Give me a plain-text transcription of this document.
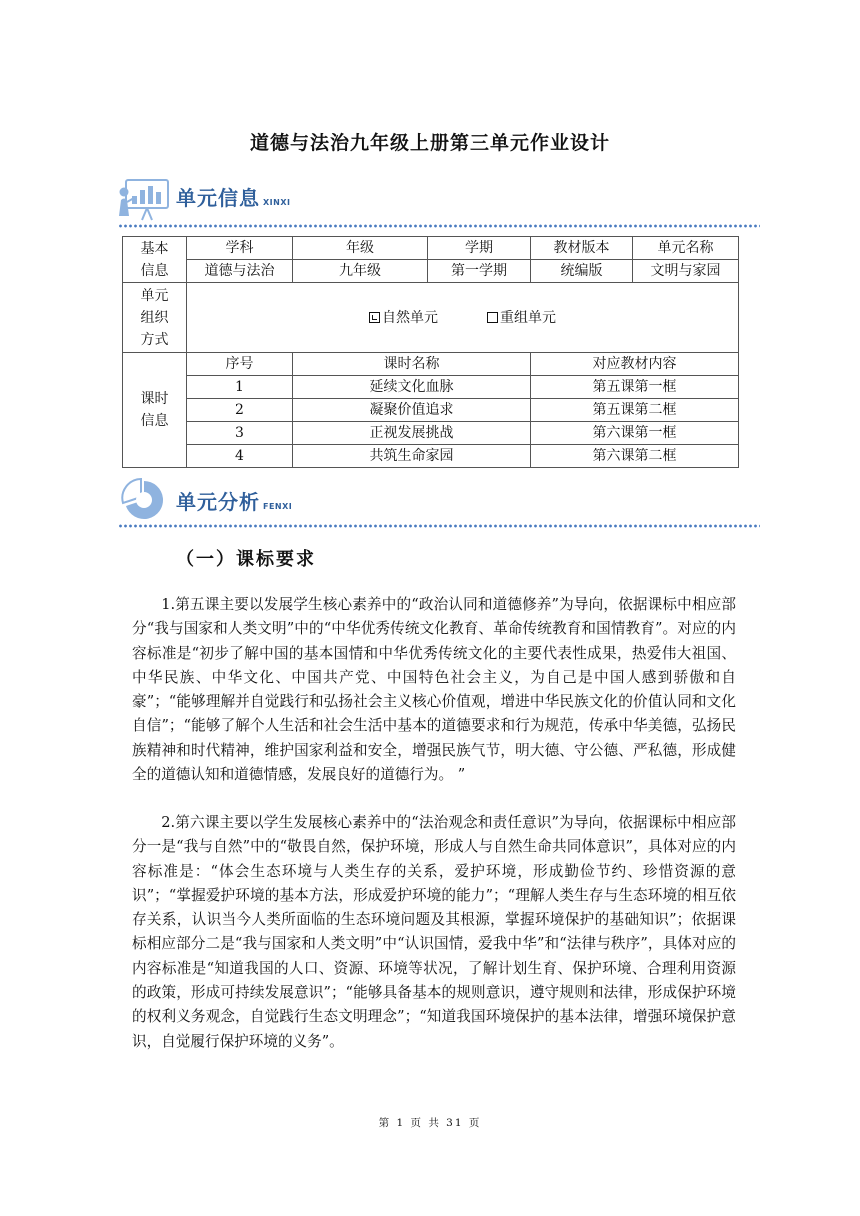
道德与法治九年级上册第三单元作业设计
单元信息 XINXI
基本
信息	学科	年级	学期	教材版本	单元名称
	道德与法治	九年级	第一学期	统编版	文明与家园

单元
组织
方式	自然单元 重组单元				

课时
信息	序号	课时名称		对应教材内容	
	1	延续文化血脉		第五课第一框	
	2	凝聚价值追求		第五课第二框	
	3	正视发展挑战		第六课第一框	
	4	共筑生命家园		第六课第二框	
单元分析 FENXI
（一）课标要求

1.第五课主要以发展学生核心素养中的“政治认同和道德修养”为导向，依据课标中相应部分“我与国家和人类文明”中的“中华优秀传统文化教育、革命传统教育和国情教育”。对应的内容标准是“初步了解中国的基本国情和中华优秀传统文化的主要代表性成果，热爱伟大祖国、中华民族、中华文化、中国共产党、中国特色社会主义，为自己是中国人感到骄傲和自豪”；“能够理解并自觉践行和弘扬社会主义核心价值观，增进中华民族文化的价值认同和文化自信”；“能够了解个人生活和社会生活中基本的道德要求和行为规范，传承中华美德，弘扬民族精神和时代精神，维护国家利益和安全，增强民族气节，明大德、守公德、严私德，形成健全的道德认知和道德情感，发展良好的道德行为。 ”

2.第六课主要以学生发展核心素养中的“法治观念和责任意识”为导向，依据课标中相应部分一是“我与自然”中的“敬畏自然，保护环境，形成人与自然生命共同体意识”，具体对应的内容标准是：“体会生态环境与人类生存的关系，爱护环境，形成勤俭节约、珍惜资源的意识”；“掌握爱护环境的基本方法，形成爱护环境的能力”；“理解人类生存与生态环境的相互依存关系，认识当今人类所面临的生态环境问题及其根源，掌握环境保护的基础知识”；依据课标相应部分二是“我与国家和人类文明”中“认识国情，爱我中华”和“法律与秩序”，具体对应的内容标准是“知道我国的人口、资源、环境等状况，了解计划生育、保护环境、合理利用资源的政策，形成可持续发展意识”；“能够具备基本的规则意识，遵守规则和法律，形成保护环境的权利义务观念，自觉践行生态文明理念”；“知道我国环境保护的基本法律，增强环境保护意识，自觉履行保护环境的义务”。

第 1 页 共 31 页
